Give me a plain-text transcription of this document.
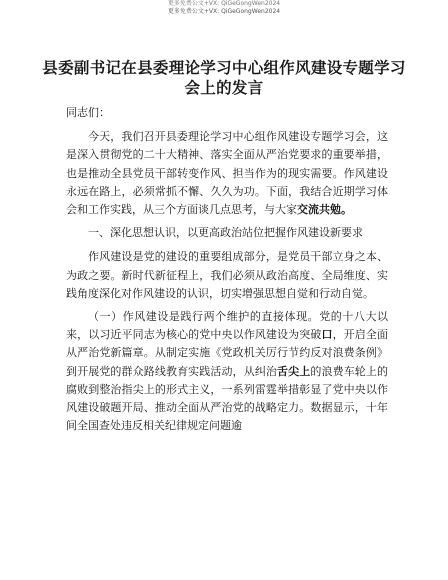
更多免费公文+VX: QiGeGongWen2024
更多免费公文+VX: QiGeGongWen2024
县委副书记在县委理论学习中心组作风建设专题学习会上的发言

同志们：

今天，我们召开县委理论学习中心组作风建设专题学习会，这是深入贯彻党的二十大精神、落实全面从严治党要求的重要举措，也是推动全县党员干部转变作风、担当作为的现实需要。作风建设永远在路上，必须常抓不懈、久久为功。下面，我结合近期学习体会和工作实践，从三个方面谈几点思考，与大家交流共勉。

一、深化思想认识，以更高政治站位把握作风建设新要求

作风建设是党的建设的重要组成部分，是党员干部立身之本、为政之要。新时代新征程上，我们必须从政治高度、全局维度、实践角度深化对作风建设的认识，切实增强思想自觉和行动自觉。

（一）作风建设是践行两个维护的直接体现。党的十八大以来，以习近平同志为核心的党中央以作风建设为突破口，开启全面从严治党新篇章。从制定实施《党政机关厉行节约反对浪费条例》到开展党的群众路线教育实践活动，从纠治舌尖上的浪费车轮上的腐败到整治指尖上的形式主义，一系列雷霆举措彰显了党中央以作风建设破题开局、推动全面从严治党的战略定力。数据显示，十年间全国查处违反相关纪律规定问题逾
